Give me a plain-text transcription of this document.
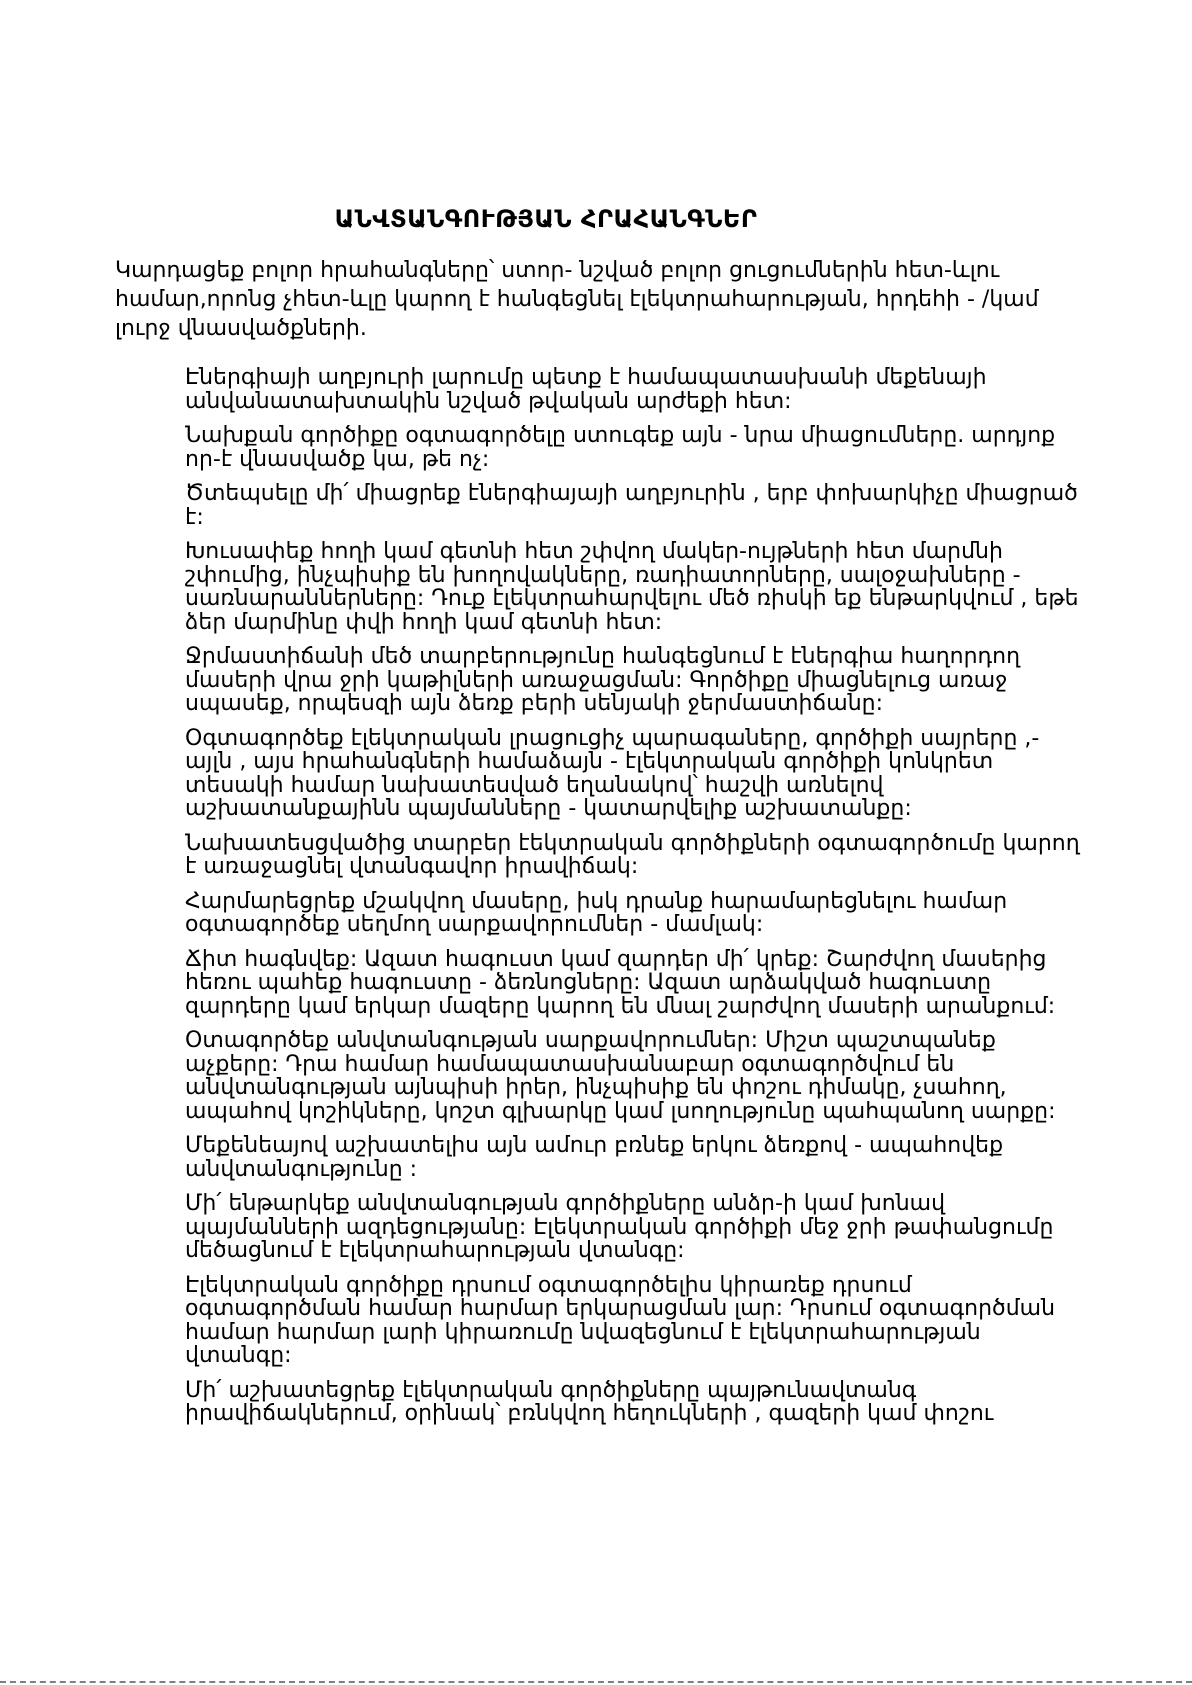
ԱՆՎՏԱՆԳՈՒԹՅԱՆ ՀՐԱՀԱՆԳՆԵՐ

Կարդացեք բոլոր հրահանգները՝ ստոր- նշված բոլոր ցուցումներին հետ-ևլու համար,որոնց չհետ-ևլը կարող է հանգեցնել էլեկտրահարության, հրդեհի - /կամ լուրջ վնասվածքների.

Էներգիայի աղբյուրի լարումը պետք է համապատասխանի մեքենայի անվանատախտակին նշված թվական արժեքի հետ:
Նախքան գործիքը օգտագործելը ստուգեք այն - նրա միացումները. արդյոք որ-է վնասվածք կա, թե ոչ:
Ծտեպսելը մի՛ միացրեք էներգիայայի աղբյուրին , երբ փոխարկիչը միացրած է:
Խուսափեք հողի կամ գետնի հետ շփվող մակեր-ույթների հետ մարմնի շփումից, ինչպիսիք են խողովակները, ռադիատորները, սալօջախները - սառնարաններները: Դուք էլեկտրահարվելու մեծ ռիսկի եք ենթարկվում , եթե ձեր մարմինը փվի հողի կամ գետնի հետ:
Ջրմաստիճանի մեծ տարբերությունը հանգեցնում է էներգիա հաղորդող մասերի վրա ջրի կաթիլների առաջացման: Գործիքը միացնելուց առաջ սպասեք, որպեսզի այն ձեռք բերի սենյակի ջերմաստիճանը:
Օգտագործեք էլեկտրական լրացուցիչ պարագաները, գործիքի սայրերը ,- այլն , այս հրահանգների համաձայն - էլեկտրական գործիքի կոնկրետ տեսակի համար նախատեսված եղանակով՝ հաշվի առնելով աշխատանքայինն պայմանները - կատարվելիք աշխատանքը:
Նախատեսցվածից տարբեր էեկտրական գործիքների օգտագործումը կարող է առաջացնել վտանգավոր իրավիճակ:
Հարմարեցրեք մշակվող մասերը, իսկ դրանք հարամարեցնելու համար օգտագործեք սեղմող սարքավորումներ - մամլակ:
Ճիտ հագնվեք: Ազատ հագուստ կամ զարդեր մի՛ կրեք: Շարժվող մասերից հեռու պահեք հագուստը - ձեռնոցները: Ազատ արձակված հագուստը զարդերը կամ երկար մազերը կարող են մնալ շարժվող մասերի արանքում:
Օտագործեք անվտանգության սարքավորումներ: Միշտ պաշտպանեք աչքերը: Դրա համար համապատասխանաբար օգտագործվում են անվտանգության այնպիսի իրեր, ինչպիսիք են փոշու դիմակը, չսահող, ապահով կոշիկները, կոշտ գլխարկը կամ լսողությունը պահպանող սարքը:
Մեքենեայով աշխատելիս այն ամուր բռնեք երկու ձեռքով - ապահովեք անվտանգությունը :
Մի՛ ենթարկեք անվտանգության գործիքները անձր-ի կամ խոնավ պայմանների ազդեցությանը: Էլեկտրական գործիքի մեջ ջրի թափանցումը մեծացնում է էլեկտրահարության վտանգը:
Էլեկտրական գործիքը դրսում օգտագործելիս կիրառեք դրսում օգտագործման համար հարմար երկարացման լար: Դրսում օգտագործման համար հարմար լարի կիրառումը նվազեցնում է էլեկտրահարության վտանգը:
Մի՛ աշխատեցրեք էլեկտրական գործիքները պայթունավտանգ իրավիճակներում, օրինակ՝ բռնկվող հեղուկների , գազերի կամ փոշու
